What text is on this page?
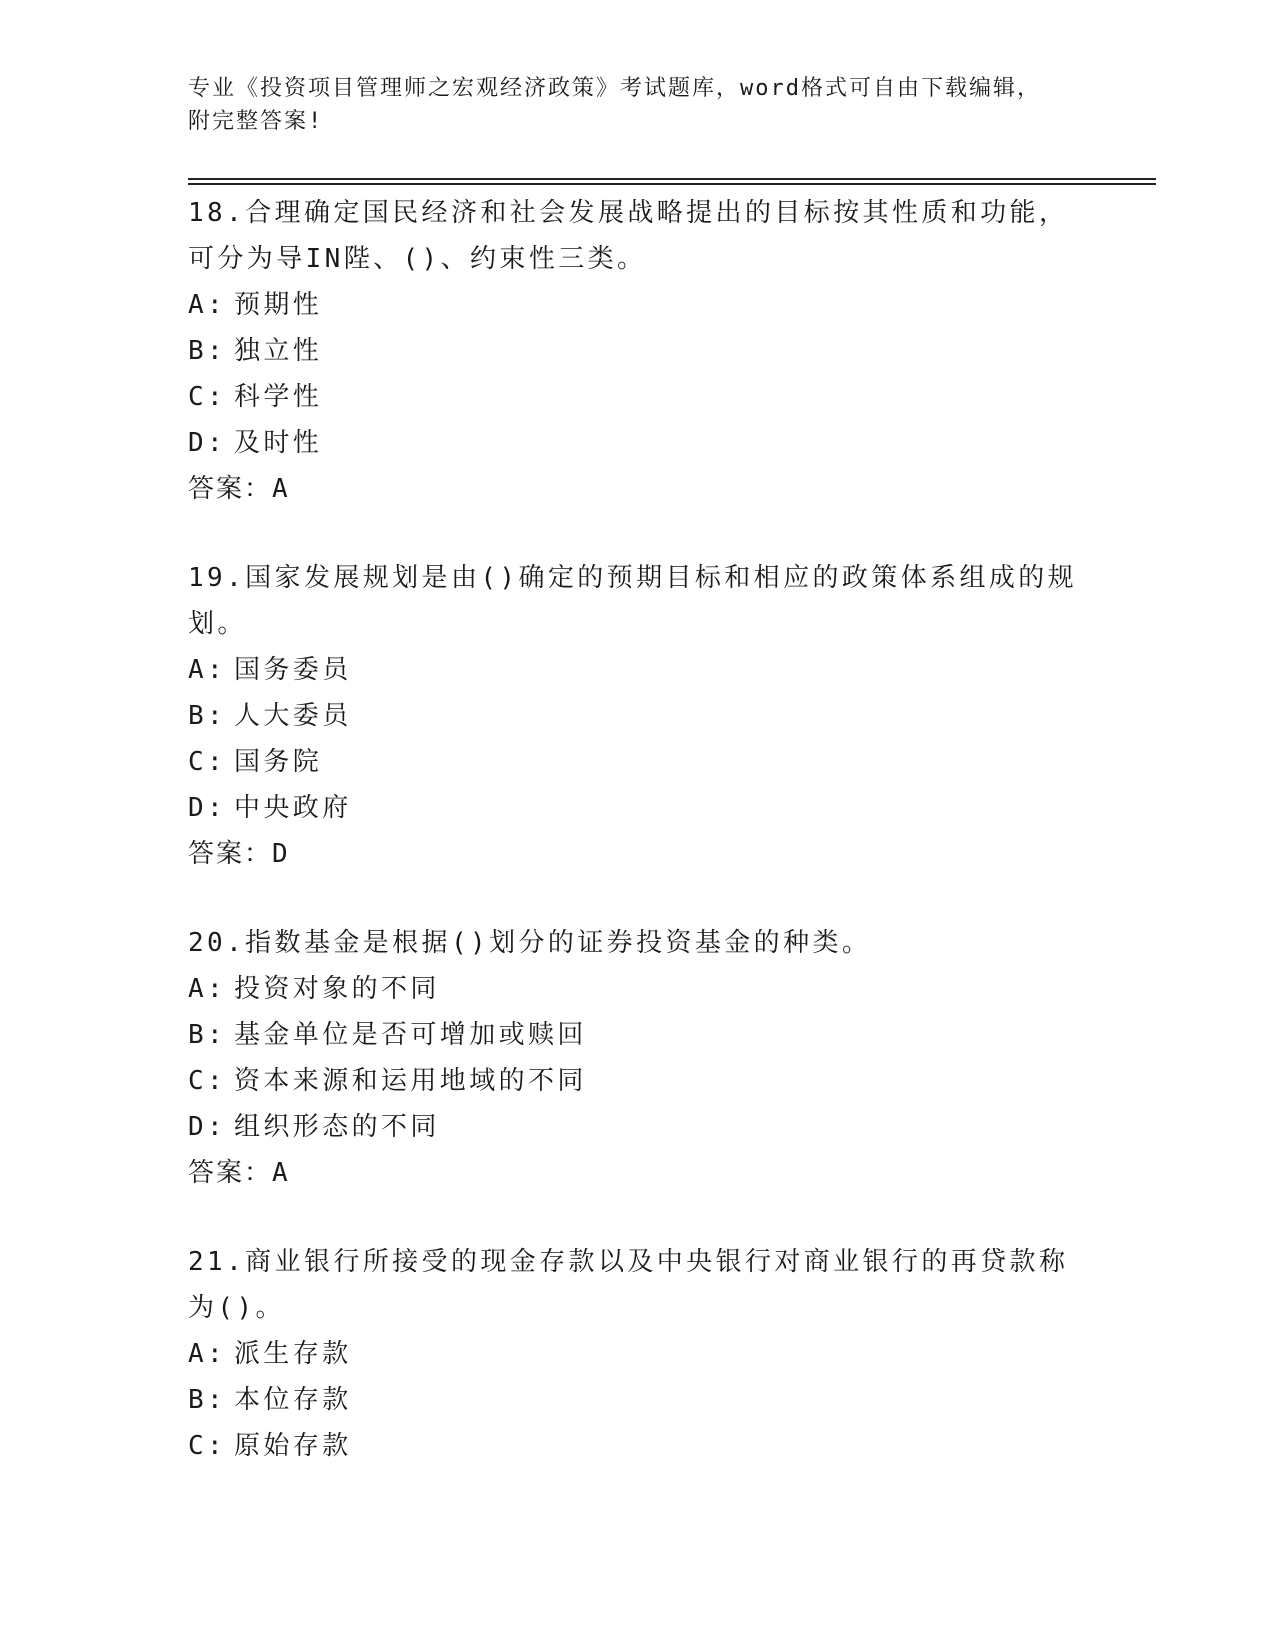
专业《投资项目管理师之宏观经济政策》考试题库，word格式可自由下载编辑，
附完整答案!
18.合理确定国民经济和社会发展战略提出的目标按其性质和功能，可分为导IN陛、()、约束性三类。
A: 预期性
B: 独立性
C: 科学性
D: 及时性
答案：A
19.国家发展规划是由()确定的预期目标和相应的政策体系组成的规划。
A: 国务委员
B: 人大委员
C: 国务院
D: 中央政府
答案：D
20.指数基金是根据()划分的证券投资基金的种类。
A: 投资对象的不同
B: 基金单位是否可增加或赎回
C: 资本来源和运用地域的不同
D: 组织形态的不同
答案：A
21.商业银行所接受的现金存款以及中央银行对商业银行的再贷款称为()。
A: 派生存款
B: 本位存款
C: 原始存款
